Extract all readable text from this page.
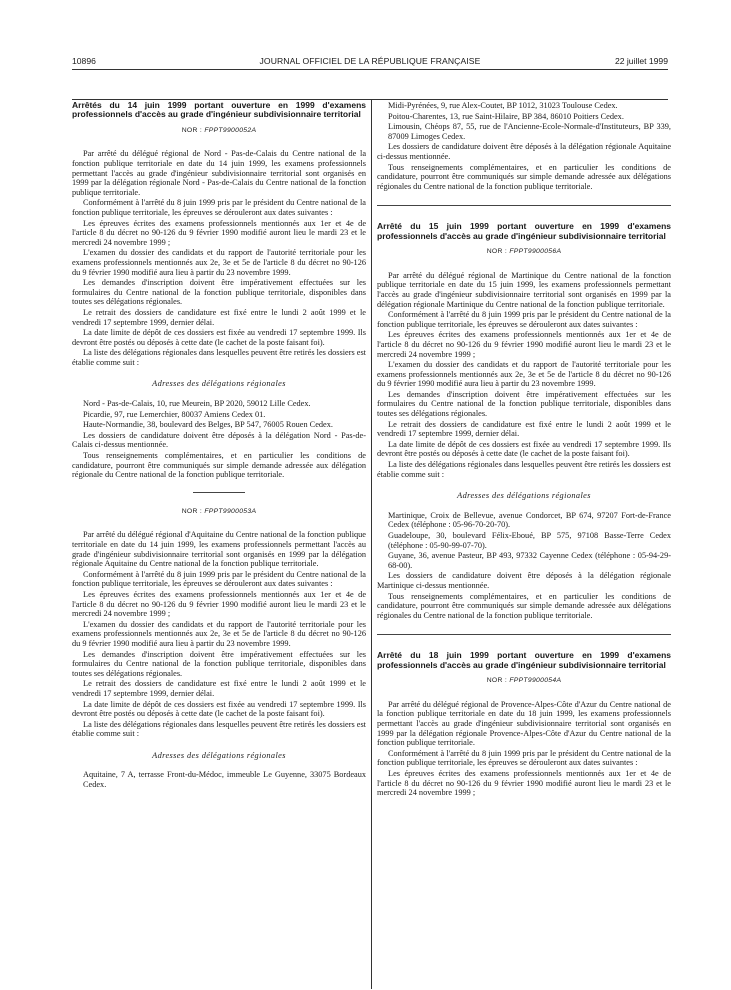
10896	JOURNAL OFFICIEL DE LA RÉPUBLIQUE FRANÇAISE	22 juillet 1999
Arrêtés du 14 juin 1999 portant ouverture en 1999 d'examens professionnels d'accès au grade d'ingénieur subdivisionnaire territorial
NOR : FPPT9900052A

Par arrêté du délégué régional de Nord - Pas-de-Calais du Centre national de la fonction publique territoriale en date du 14 juin 1999, les examens professionnels permettant l'accès au grade d'ingénieur subdivisionnaire territorial sont organisés en 1999 par la délégation régionale Nord - Pas-de-Calais du Centre national de la fonction publique territoriale.

Conformément à l'arrêté du 8 juin 1999 pris par le président du Centre national de la fonction publique territoriale, les épreuves se dérouleront aux dates suivantes :

Les épreuves écrites des examens professionnels mentionnés aux 1er et 4e de l'article 8 du décret no 90-126 du 9 février 1990 modifié auront lieu le mardi 23 et le mercredi 24 novembre 1999 ;

L'examen du dossier des candidats et du rapport de l'autorité territoriale pour les examens professionnels mentionnés aux 2e, 3e et 5e de l'article 8 du décret no 90-126 du 9 février 1990 modifié aura lieu à partir du 23 novembre 1999.

Les demandes d'inscription doivent être impérativement effectuées sur les formulaires du Centre national de la fonction publique territoriale, disponibles dans toutes ses délégations régionales.

Le retrait des dossiers de candidature est fixé entre le lundi 2 août 1999 et le vendredi 17 septembre 1999, dernier délai.

La date limite de dépôt de ces dossiers est fixée au vendredi 17 septembre 1999. Ils devront être postés ou déposés à cette date (le cachet de la poste faisant foi).

La liste des délégations régionales dans lesquelles peuvent être retirés les dossiers est établie comme suit :

Adresses des délégations régionales

Nord - Pas-de-Calais, 10, rue Meurein, BP 2020, 59012 Lille Cedex.

Picardie, 97, rue Lemerchier, 80037 Amiens Cedex 01.

Haute-Normandie, 38, boulevard des Belges, BP 547, 76005 Rouen Cedex.

Les dossiers de candidature doivent être déposés à la délégation Nord - Pas-de-Calais ci-dessus mentionnée.

Tous renseignements complémentaires, et en particulier les conditions de candidature, pourront être communiqués sur simple demande adressée aux délégation régionale du Centre national de la fonction publique territoriale.

NOR : FPPT9900053A

Par arrêté du délégué régional d'Aquitaine du Centre national de la fonction publique territoriale en date du 14 juin 1999, les examens professionnels permettant l'accès au grade d'ingénieur subdivisionnaire territorial sont organisés en 1999 par la délégation régionale Aquitaine du Centre national de la fonction publique territoriale.

Conformément à l'arrêté du 8 juin 1999 pris par le président du Centre national de la fonction publique territoriale, les épreuves se dérouleront aux dates suivantes :

Les épreuves écrites des examens professionnels mentionnés aux 1er et 4e de l'article 8 du décret no 90-126 du 9 février 1990 modifié auront lieu le mardi 23 et le mercredi 24 novembre 1999 ;

L'examen du dossier des candidats et du rapport de l'autorité territoriale pour les examens professionnels mentionnés aux 2e, 3e et 5e de l'article 8 du décret no 90-126 du 9 février 1990 modifié aura lieu à partir du 23 novembre 1999.

Les demandes d'inscription doivent être impérativement effectuées sur les formulaires du Centre national de la fonction publique territoriale, disponibles dans toutes ses délégations régionales.

Le retrait des dossiers de candidature est fixé entre le lundi 2 août 1999 et le vendredi 17 septembre 1999, dernier délai.

La date limite de dépôt de ces dossiers est fixée au vendredi 17 septembre 1999. Ils devront être postés ou déposés à cette date (le cachet de la poste faisant foi).

La liste des délégations régionales dans lesquelles peuvent être retirés les dossiers est établie comme suit :

Adresses des délégations régionales

Aquitaine, 7 A, terrasse Front-du-Médoc, immeuble Le Guyenne, 33075 Bordeaux Cedex.

Midi-Pyrénées, 9, rue Alex-Coutet, BP 1012, 31023 Toulouse Cedex.

Poitou-Charentes, 13, rue Saint-Hilaire, BP 384, 86010 Poitiers Cedex.

Limousin, Chéops 87, 55, rue de l'Ancienne-Ecole-Normale-d'Instituteurs, BP 339, 87009 Limoges Cedex.

Les dossiers de candidature doivent être déposés à la délégation régionale Aquitaine ci-dessus mentionnée.

Tous renseignements complémentaires, et en particulier les conditions de candidature, pourront être communiqués sur simple demande adressée aux délégations régionales du Centre national de la fonction publique territoriale.

Arrêté du 15 juin 1999 portant ouverture en 1999 d'examens professionnels d'accès au grade d'ingénieur subdivisionnaire territorial
NOR : FPPT9900056A

Par arrêté du délégué régional de Martinique du Centre national de la fonction publique territoriale en date du 15 juin 1999, les examens professionnels permettant l'accès au grade d'ingénieur subdivisionnaire territorial sont organisés en 1999 par la délégation régionale Martinique du Centre national de la fonction publique territoriale.

Conformément à l'arrêté du 8 juin 1999 pris par le président du Centre national de la fonction publique territoriale, les épreuves se dérouleront aux dates suivantes :

Les épreuves écrites des examens professionnels mentionnés aux 1er et 4e de l'article 8 du décret no 90-126 du 9 février 1990 modifié auront lieu le mardi 23 et le mercredi 24 novembre 1999 ;

L'examen du dossier des candidats et du rapport de l'autorité territoriale pour les examens professionnels mentionnés aux 2e, 3e et 5e de l'article 8 du décret no 90-126 du 9 février 1990 modifié aura lieu à partir du 23 novembre 1999.

Les demandes d'inscription doivent être impérativement effectuées sur les formulaires du Centre national de la fonction publique territoriale, disponibles dans toutes ses délégations régionales.

Le retrait des dossiers de candidature est fixé entre le lundi 2 août 1999 et le vendredi 17 septembre 1999, dernier délai.

La date limite de dépôt de ces dossiers est fixée au vendredi 17 septembre 1999. Ils devront être postés ou déposés à cette date (le cachet de la poste faisant foi).

La liste des délégations régionales dans lesquelles peuvent être retirés les dossiers est établie comme suit :

Adresses des délégations régionales

Martinique, Croix de Bellevue, avenue Condorcet, BP 674, 97207 Fort-de-France Cedex (téléphone : 05-96-70-20-70).

Guadeloupe, 30, boulevard Félix-Eboué, BP 575, 97108 Basse-Terre Cedex (téléphone : 05-90-99-07-70).

Guyane, 36, avenue Pasteur, BP 493, 97332 Cayenne Cedex (téléphone : 05-94-29-68-00).

Les dossiers de candidature doivent être déposés à la délégation régionale Martinique ci-dessus mentionnée.

Tous renseignements complémentaires, et en particulier les conditions de candidature, pourront être communiqués sur simple demande adressée aux délégations régionales du Centre national de la fonction publique territoriale.

Arrêté du 18 juin 1999 portant ouverture en 1999 d'examens professionnels d'accès au grade d'ingénieur subdivisionnaire territorial
NOR : FPPT9900054A

Par arrêté du délégué régional de Provence-Alpes-Côte d'Azur du Centre national de la fonction publique territoriale en date du 18 juin 1999, les examens professionnels permettant l'accès au grade d'ingénieur subdivisionnaire territorial sont organisés en 1999 par la délégation régionale Provence-Alpes-Côte d'Azur du Centre national de la fonction publique territoriale.

Conformément à l'arrêté du 8 juin 1999 pris par le président du Centre national de la fonction publique territoriale, les épreuves se dérouleront aux dates suivantes :

Les épreuves écrites des examens professionnels mentionnés aux 1er et 4e de l'article 8 du décret no 90-126 du 9 février 1990 modifié auront lieu le mardi 23 et le mercredi 24 novembre 1999 ;
